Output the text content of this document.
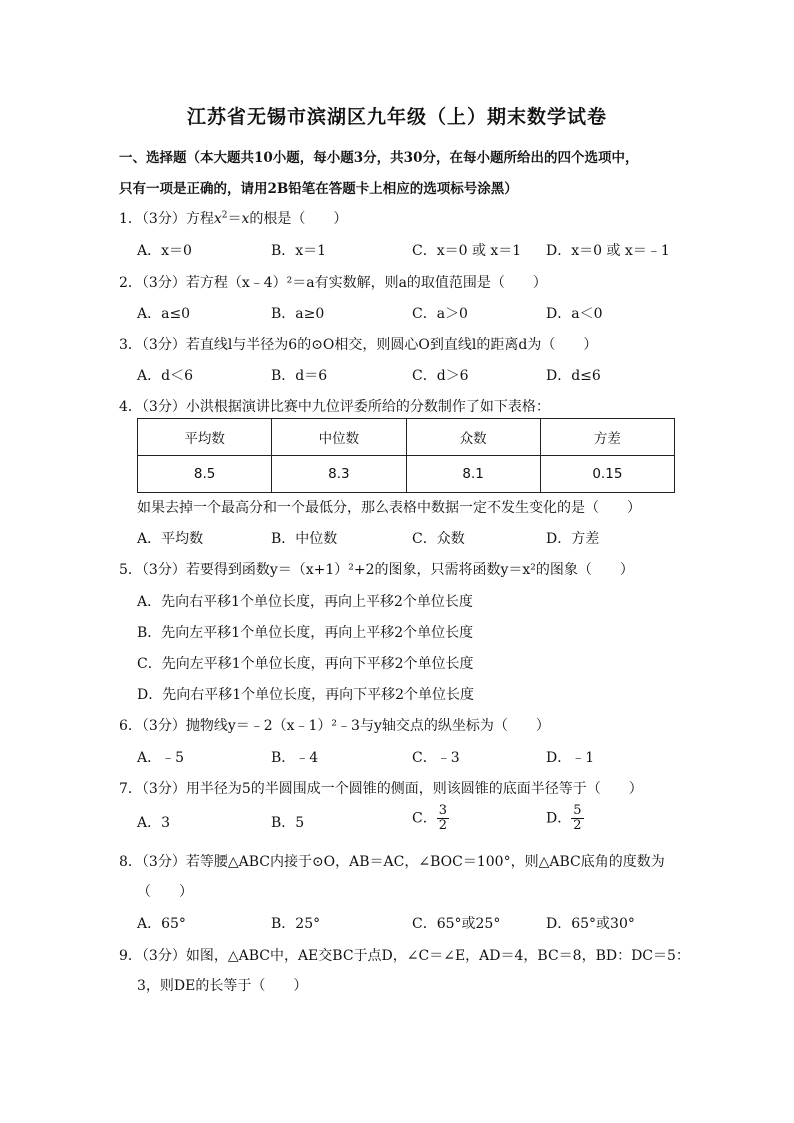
江苏省无锡市滨湖区九年级（上）期末数学试卷
一、选择题（本大题共10小题，每小题3分，共30分，在每小题所给出的四个选项中，
只有一项是正确的，请用2B铅笔在答题卡上相应的选项标号涂黑）
1．（3分）方程$x^2=x$的根是（　　）
A．x＝0	B．x＝1	C．x＝0 或 x＝1 D．x＝0 或 x＝﹣1
2．（3分）若方程（x﹣4）²＝a有实数解，则a的取值范围是（　　）
A．a≤0	B．a≥0	C．a＞0	D．a＜0
3．（3分）若直线l与半径为6的⊙O相交，则圆心O到直线l的距离d为（　　）
A．d＜6	B．d＝6	C．d＞6	D．d≤6
4．（3分）小洪根据演讲比赛中九位评委所给的分数制作了如下表格：
平均数	中位数	众数	方差
8.5	8.3	8.1	0.15
如果去掉一个最高分和一个最低分，那么表格中数据一定不发生变化的是（　　）
A．平均数	B．中位数	C．众数	D．方差
5．（3分）若要得到函数y＝（x+1）²+2的图象，只需将函数y＝x²的图象（　　）
A．先向右平移1个单位长度，再向上平移2个单位长度
B．先向左平移1个单位长度，再向上平移2个单位长度
C．先向左平移1个单位长度，再向下平移2个单位长度
D．先向右平移1个单位长度，再向下平移2个单位长度
6．（3分）抛物线y＝﹣2（x﹣1）²﹣3与y轴交点的纵坐标为（　　）
A．﹣5	B．﹣4	C．﹣3	D．﹣1
7．（3分）用半径为5的半圆围成一个圆锥的侧面，则该圆锥的底面半径等于（　　）
A．3	B．5	C． $\frac{3}{2}$	D． $\frac{5}{2}$
8．（3分）若等腰△ABC内接于⊙O，AB＝AC，∠BOC＝100°，则△ABC底角的度数为
（　　）
A．65°	B．25°	C．65°或25°	D．65°或30°
9．（3分）如图，△ABC中，AE交BC于点D，∠C＝∠E，AD＝4，BC＝8，BD：DC＝5：
3，则DE的长等于（　　）
